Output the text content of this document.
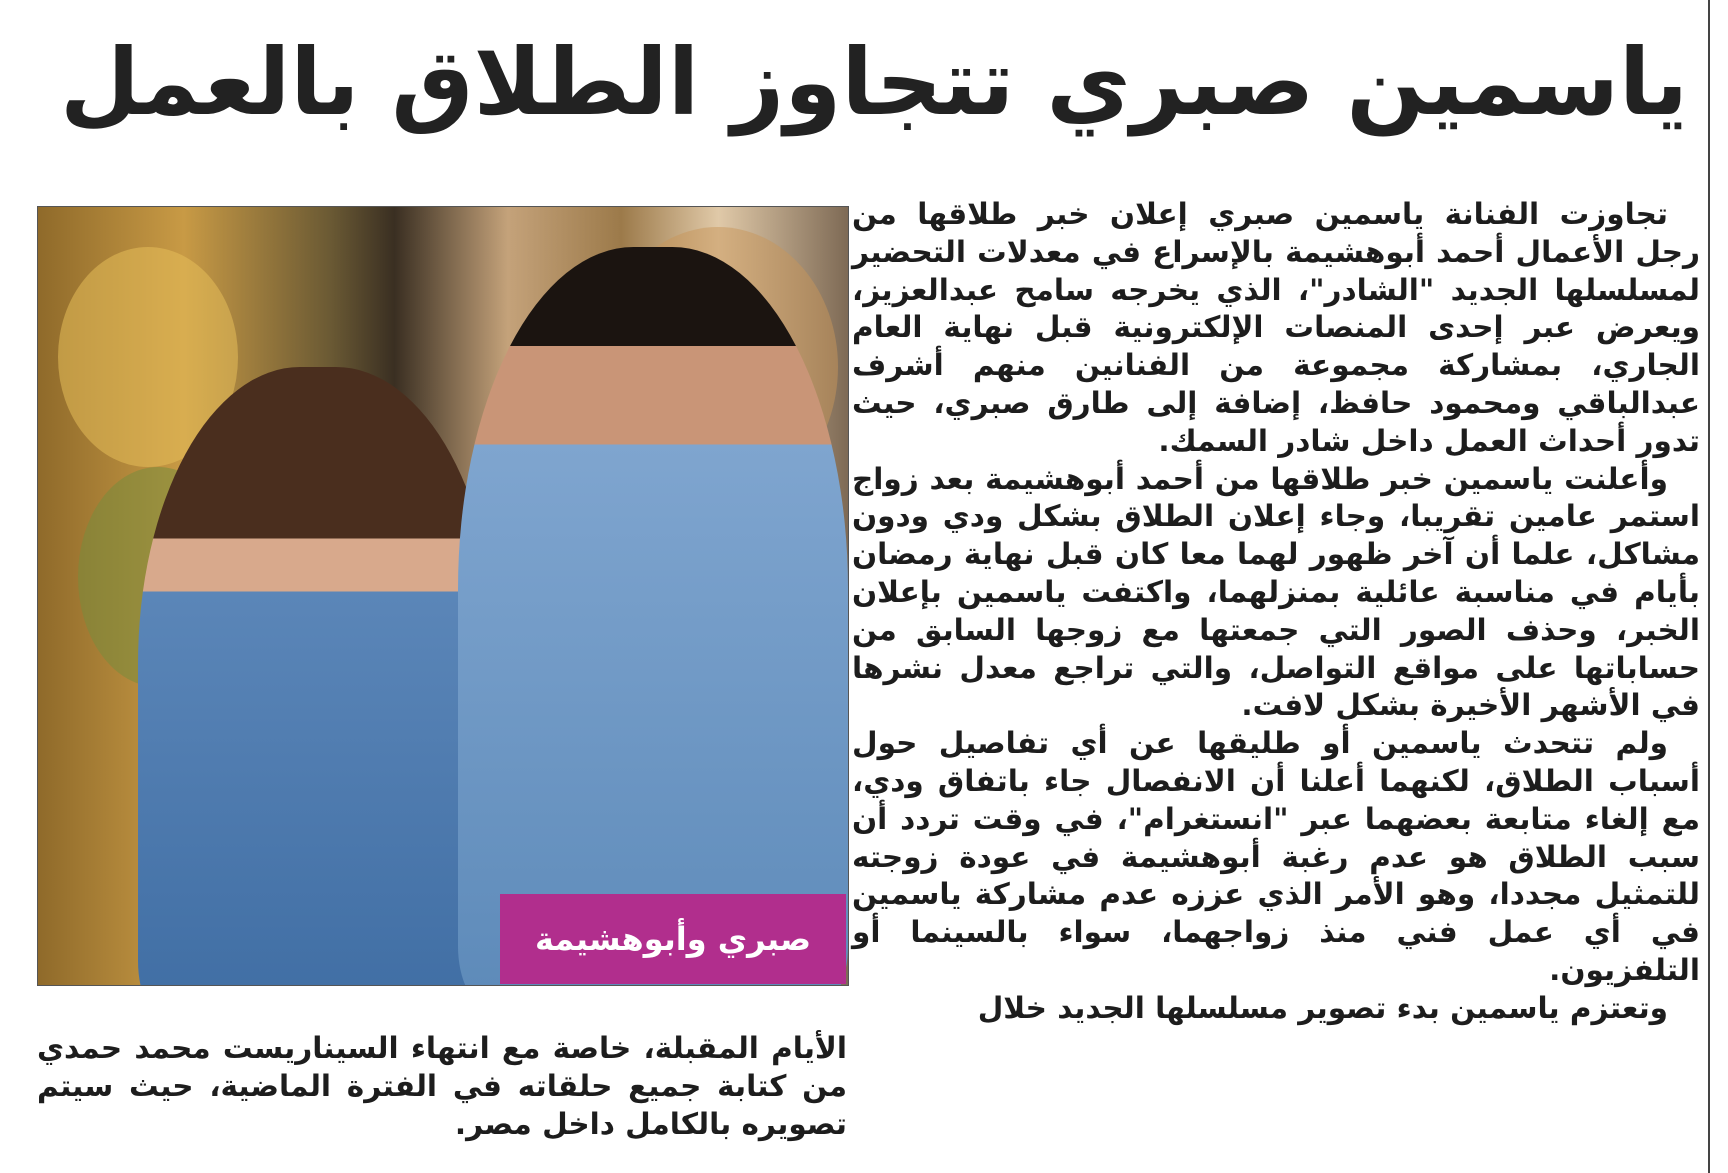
ياسمين صبري تتجاوز الطلاق بالعمل

تجاوزت الفنانة ياسمين صبري إعلان خبر طلاقها من رجل الأعمال أحمد أبوهشيمة بالإسراع في معدلات التحضير لمسلسلها الجديد "الشادر"، الذي يخرجه سامح عبدالعزيز، ويعرض عبر إحدى المنصات الإلكترونية قبل نهاية العام الجاري، بمشاركة مجموعة من الفنانين منهم أشرف عبدالباقي ومحمود حافظ، إضافة إلى طارق صبري، حيث تدور أحداث العمل داخل شادر السمك.

وأعلنت ياسمين خبر طلاقها من أحمد أبوهشيمة بعد زواج استمر عامين تقريبا، وجاء إعلان الطلاق بشكل ودي ودون مشاكل، علما أن آخر ظهور لهما معا كان قبل نهاية رمضان بأيام في مناسبة عائلية بمنزلهما، واكتفت ياسمين بإعلان الخبر، وحذف الصور التي جمعتها مع زوجها السابق من حساباتها على مواقع التواصل، والتي تراجع معدل نشرها في الأشهر الأخيرة بشكل لافت.

ولم تتحدث ياسمين أو طليقها عن أي تفاصيل حول أسباب الطلاق، لكنهما أعلنا أن الانفصال جاء باتفاق ودي، مع إلغاء متابعة بعضهما عبر "انستغرام"، في وقت تردد أن سبب الطلاق هو عدم رغبة أبوهشيمة في عودة زوجته للتمثيل مجددا، وهو الأمر الذي عززه عدم مشاركة ياسمين في أي عمل فني منذ زواجهما، سواء بالسينما أو التلفزيون.

وتعتزم ياسمين بدء تصوير مسلسلها الجديد خلال

صبري وأبوهشيمة
الأيام المقبلة، خاصة مع انتهاء السيناريست محمد حمدي من كتابة جميع حلقاته في الفترة الماضية، حيث سيتم تصويره بالكامل داخل مصر.
